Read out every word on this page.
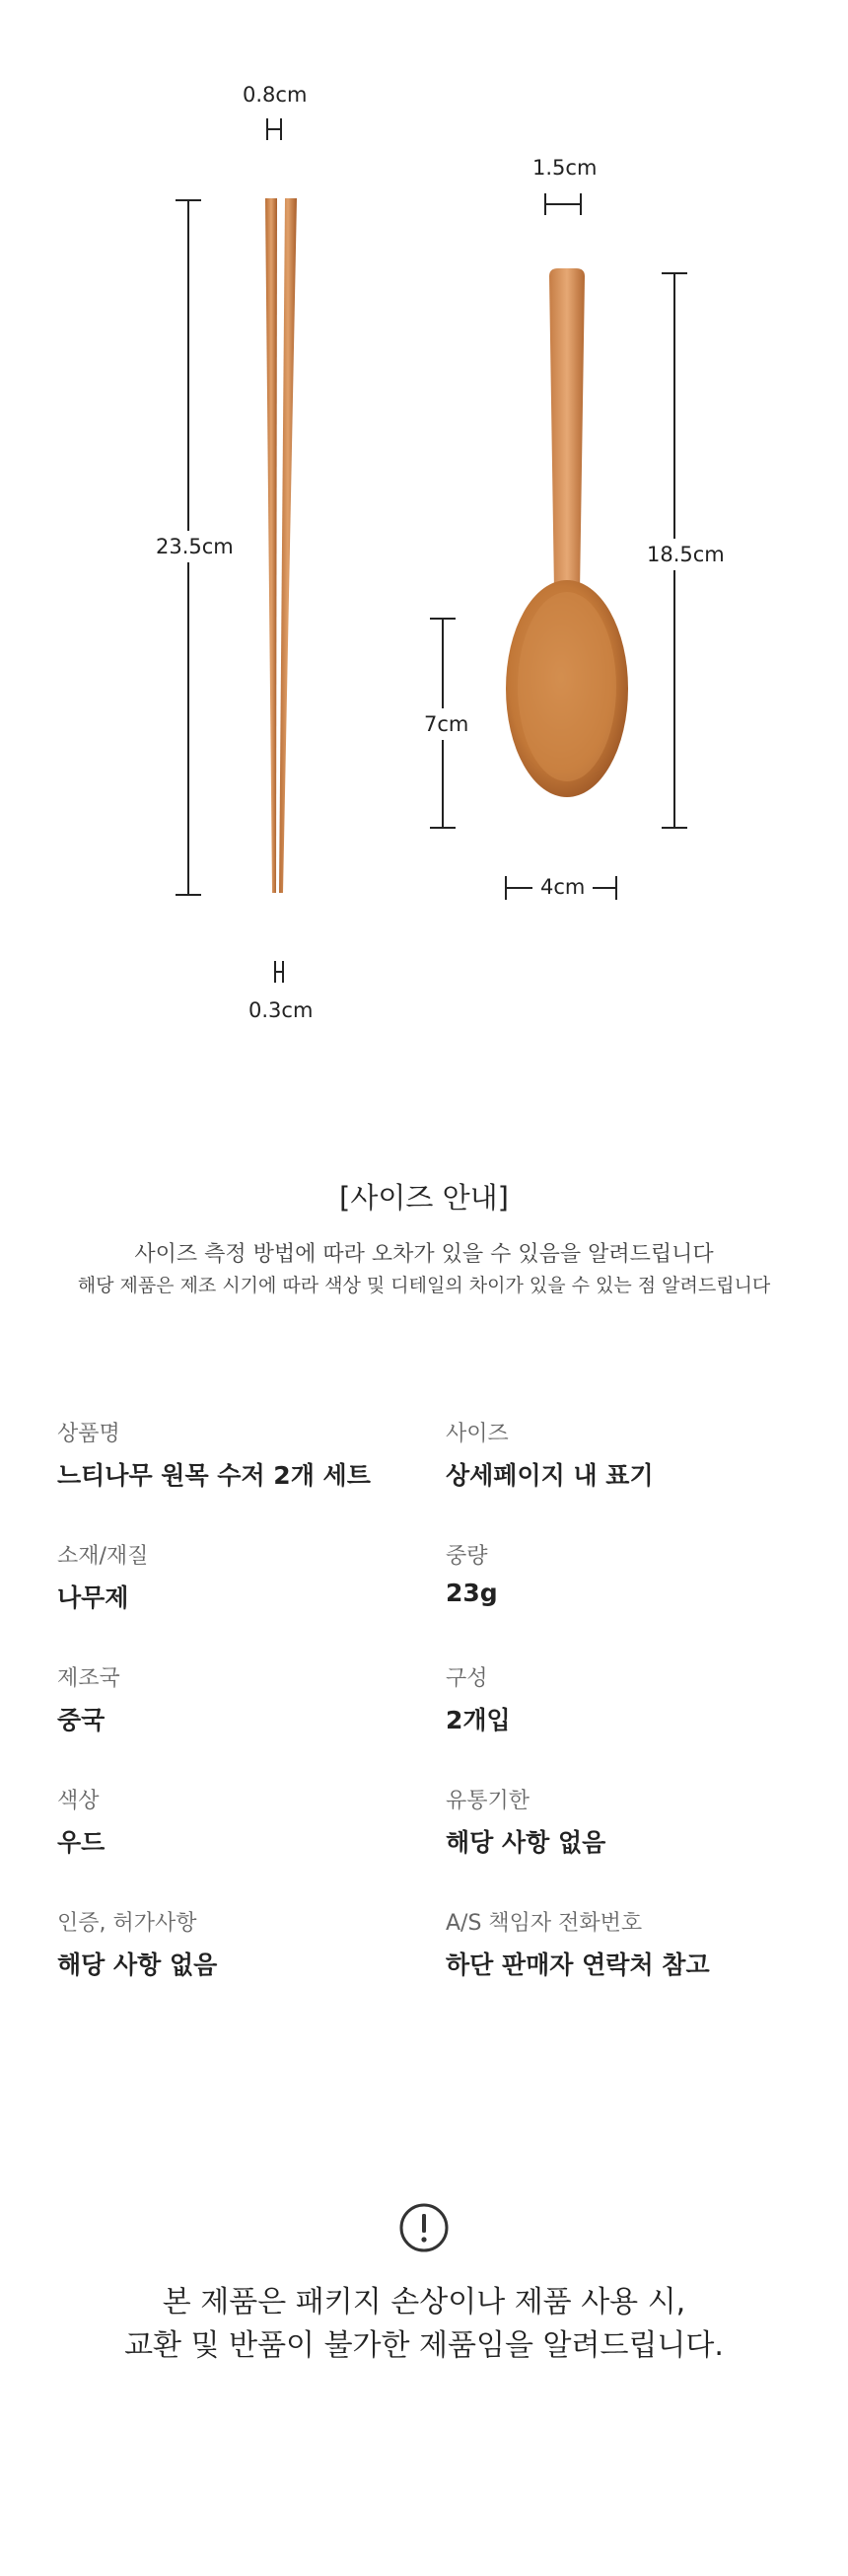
0.8cm
23.5cm
0.3cm
1.5cm
18.5cm
7cm
4cm
[사이즈 안내]
사이즈 측정 방법에 따라 오차가 있을 수 있음을 알려드립니다
해당 제품은 제조 시기에 따라 색상 및 디테일의 차이가 있을 수 있는 점 알려드립니다
상품명
느티나무 원목 수저 2개 세트
사이즈
상세페이지 내 표기
소재/재질
나무제
중량
23g
제조국
중국
구성
2개입
색상
우드
유통기한
해당 사항 없음
인증, 허가사항
해당 사항 없음
A/S 책임자 전화번호
하단 판매자 연락처 참고
본 제품은 패키지 손상이나 제품 사용 시,
교환 및 반품이 불가한 제품임을 알려드립니다.
